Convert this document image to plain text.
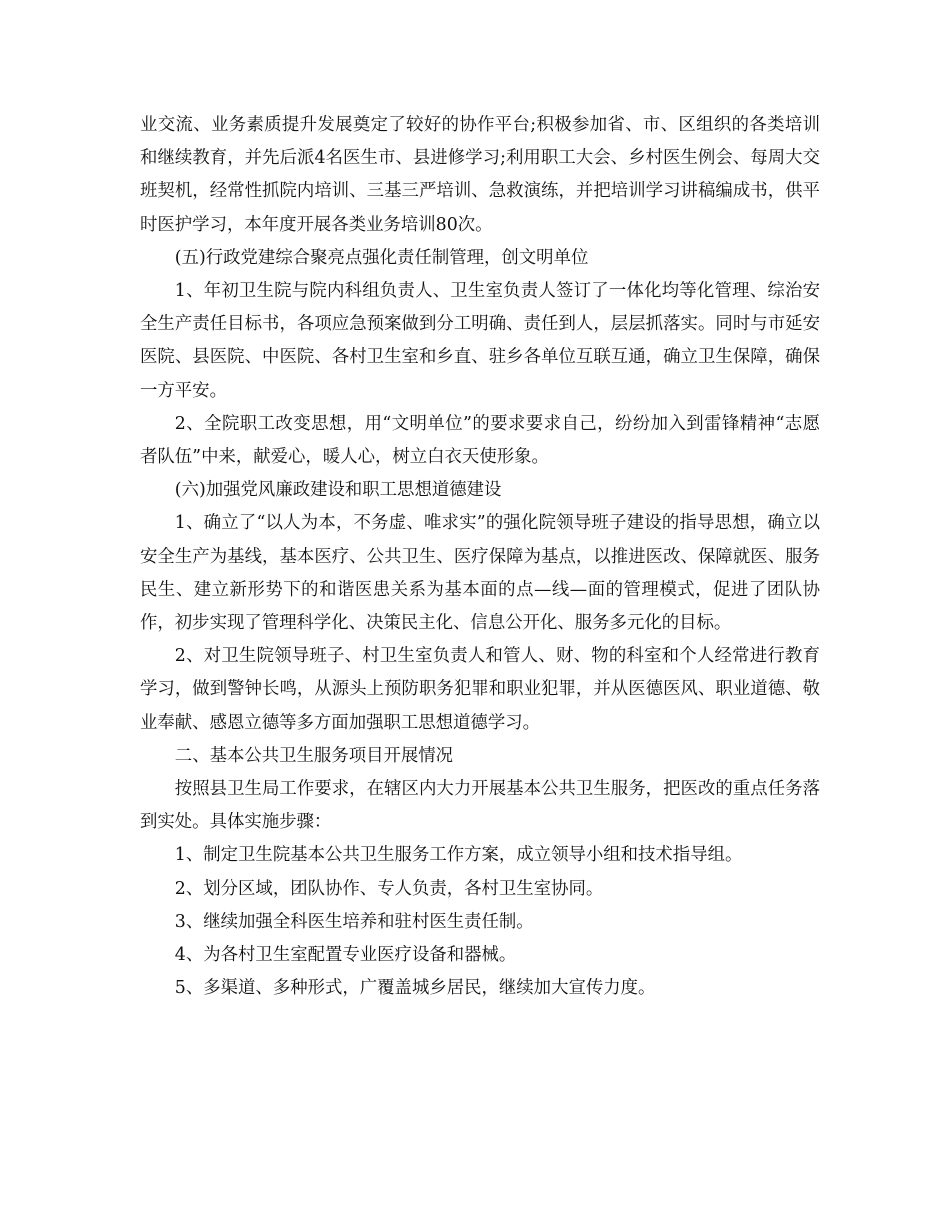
业交流、业务素质提升发展奠定了较好的协作平台;积极参加省、市、区组织的各类培训和继续教育，并先后派4名医生市、县进修学习;利用职工大会、乡村医生例会、每周大交班契机，经常性抓院内培训、三基三严培训、急救演练，并把培训学习讲稿编成书，供平时医护学习，本年度开展各类业务培训80次。

(五)行政党建综合聚亮点强化责任制管理，创文明单位

1、年初卫生院与院内科组负责人、卫生室负责人签订了一体化均等化管理、综治安全生产责任目标书，各项应急预案做到分工明确、责任到人，层层抓落实。同时与市延安医院、县医院、中医院、各村卫生室和乡直、驻乡各单位互联互通，确立卫生保障，确保一方平安。

2、全院职工改变思想，用“文明单位”的要求要求自己，纷纷加入到雷锋精神“志愿者队伍”中来，献爱心，暖人心，树立白衣天使形象。

(六)加强党风廉政建设和职工思想道德建设

1、确立了“以人为本，不务虚、唯求实”的强化院领导班子建设的指导思想，确立以安全生产为基线，基本医疗、公共卫生、医疗保障为基点，以推进医改、保障就医、服务民生、建立新形势下的和谐医患关系为基本面的点—线—面的管理模式，促进了团队协作，初步实现了管理科学化、决策民主化、信息公开化、服务多元化的目标。

2、对卫生院领导班子、村卫生室负责人和管人、财、物的科室和个人经常进行教育学习，做到警钟长鸣，从源头上预防职务犯罪和职业犯罪，并从医德医风、职业道德、敬业奉献、感恩立德等多方面加强职工思想道德学习。

二、基本公共卫生服务项目开展情况

按照县卫生局工作要求，在辖区内大力开展基本公共卫生服务，把医改的重点任务落到实处。具体实施步骤：

1、制定卫生院基本公共卫生服务工作方案，成立领导小组和技术指导组。

2、划分区域，团队协作、专人负责，各村卫生室协同。

3、继续加强全科医生培养和驻村医生责任制。

4、为各村卫生室配置专业医疗设备和器械。

5、多渠道、多种形式，广覆盖城乡居民，继续加大宣传力度。
